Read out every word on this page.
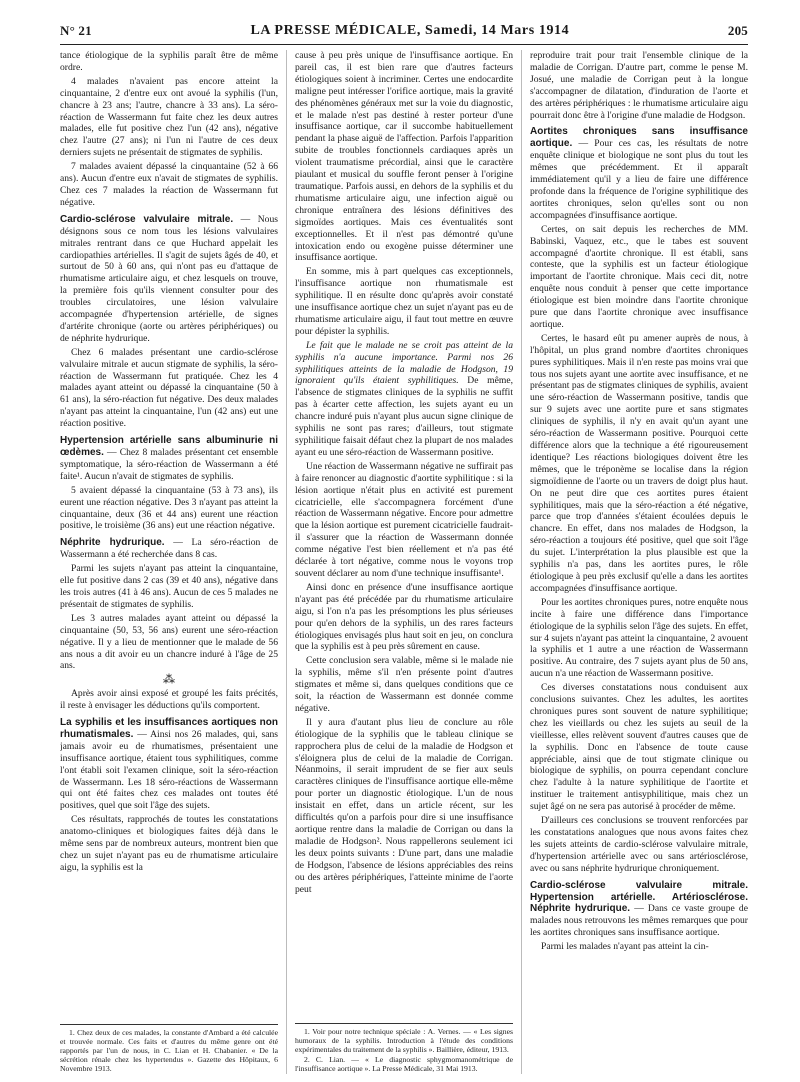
N° 21	LA PRESSE MÉDICALE, Samedi, 14 Mars 1914	205

tance étiologique de la syphilis paraît être de même ordre.

4 malades n'avaient pas encore atteint la cinquantaine, 2 d'entre eux ont avoué la syphilis (l'un, chancre à 23 ans; l'autre, chancre à 33 ans). La séro-réaction de Wassermann fut faite chez les deux autres malades, elle fut positive chez l'un (42 ans), négative chez l'autre (27 ans); ni l'un ni l'autre de ces deux derniers sujets ne présentait de stigmates de syphilis.

7 malades avaient dépassé la cinquantaine (52 à 66 ans). Aucun d'entre eux n'avait de stigmates de syphilis. Chez ces 7 malades la réaction de Wassermann fut négative.

Cardio-sclérose valvulaire mitrale. — Nous désignons sous ce nom tous les lésions valvulaires mitrales rentrant dans ce que Huchard appelait les cardiopathies artérielles. Il s'agit de sujets âgés de 40, et surtout de 50 à 60 ans, qui n'ont pas eu d'attaque de rhumatisme articulaire aigu, et chez lesquels on trouve, la première fois qu'ils viennent consulter pour des troubles circulatoires, une lésion valvulaire accompagnée d'hypertension artérielle, de signes d'artérite chronique (aorte ou artères périphériques) ou de néphrite hydrurique.

Chez 6 malades présentant une cardio-sclérose valvulaire mitrale et aucun stigmate de syphilis, la séro-réaction de Wassermann fut pratiquée. Chez les 4 malades ayant atteint ou dépassé la cinquantaine (50 à 61 ans), la séro-réaction fut négative. Des deux malades n'ayant pas atteint la cinquantaine, l'un (42 ans) eut une réaction positive.

Hypertension artérielle sans albuminurie ni œdèmes. — Chez 8 malades présentant cet ensemble symptomatique, la séro-réaction de Wassermann a été faite¹. Aucun n'avait de stigmates de syphilis.

5 avaient dépassé la cinquantaine (53 à 73 ans), ils eurent une réaction négative. Des 3 n'ayant pas atteint la cinquantaine, deux (36 et 44 ans) eurent une réaction positive, le troisième (36 ans) eut une réaction négative.

Néphrite hydrurique. — La séro-réaction de Wassermann a été recherchée dans 8 cas.

Parmi les sujets n'ayant pas atteint la cinquantaine, elle fut positive dans 2 cas (39 et 40 ans), négative dans les trois autres (41 à 46 ans). Aucun de ces 5 malades ne présentait de stigmates de syphilis.

Les 3 autres malades ayant atteint ou dépassé la cinquantaine (50, 53, 56 ans) eurent une séro-réaction négative. Il y a lieu de mentionner que le malade de 56 ans nous a dit avoir eu un chancre induré à l'âge de 25 ans.

⁂

Après avoir ainsi exposé et groupé les faits précités, il reste à envisager les déductions qu'ils comportent.

La syphilis et les insuffisances aortiques non rhumatismales. — Ainsi nos 26 malades, qui, sans jamais avoir eu de rhumatismes, présentaient une insuffisance aortique, étaient tous syphilitiques, comme l'ont établi soit l'examen clinique, soit la séro-réaction de Wassermann. Les 18 séro-réactions de Wassermann qui ont été faites chez ces malades ont toutes été positives, quel que soit l'âge des sujets.

Ces résultats, rapprochés de toutes les constatations anatomo-cliniques et biologiques faites déjà dans le même sens par de nombreux auteurs, montrent bien que chez un sujet n'ayant pas eu de rhumatisme articulaire aigu, la syphilis est la

1. Chez deux de ces malades, la constante d'Ambard a été calculée et trouvée normale. Ces faits et d'autres du même genre ont été rapportés par l'un de nous, in C. Lian et H. Chabanier. « De la sécrétion rénale chez les hypertendus ». Gazette des Hôpitaux, 6 Novembre 1913.

cause à peu près unique de l'insuffisance aortique. En pareil cas, il est bien rare que d'autres facteurs étiologiques soient à incriminer. Certes une endocardite maligne peut intéresser l'orifice aortique, mais la gravité des phénomènes généraux met sur la voie du diagnostic, et le malade n'est pas destiné à rester porteur d'une insuffisance aortique, car il succombe habituellement pendant la phase aiguë de l'affection. Parfois l'apparition subite de troubles fonctionnels cardiaques après un violent traumatisme précordial, ainsi que le caractère piaulant et musical du souffle feront penser à l'origine traumatique. Parfois aussi, en dehors de la syphilis et du rhumatisme articulaire aigu, une infection aiguë ou chronique entraînera des lésions définitives des sigmoïdes aortiques. Mais ces éventualités sont exceptionnelles. Et il n'est pas démontré qu'une intoxication endo ou exogène puisse déterminer une insuffisance aortique.

En somme, mis à part quelques cas exceptionnels, l'insuffisance aortique non rhumatismale est syphilitique. Il en résulte donc qu'après avoir constaté une insuffisance aortique chez un sujet n'ayant pas eu de rhumatisme articulaire aigu, il faut tout mettre en œuvre pour dépister la syphilis.

Le fait que le malade ne se croit pas atteint de la syphilis n'a aucune importance. Parmi nos 26 syphilitiques atteints de la maladie de Hodgson, 19 ignoraient qu'ils étaient syphilitiques. De même, l'absence de stigmates cliniques de la syphilis ne suffit pas à écarter cette affection, les sujets ayant eu un chancre induré puis n'ayant plus aucun signe clinique de syphilis ne sont pas rares; d'ailleurs, tout stigmate syphilitique faisait défaut chez la plupart de nos malades ayant eu une séro-réaction de Wassermann positive.

Une réaction de Wassermann négative ne suffirait pas à faire renoncer au diagnostic d'aortite syphilitique : si la lésion aortique n'était plus en activité est purement cicatricielle, elle s'accompagnera forcément d'une réaction de Wassermann négative. Encore pour admettre que la lésion aortique est purement cicatricielle faudrait-il s'assurer que la réaction de Wassermann donnée comme négative l'est bien réellement et n'a pas été déclarée à tort négative, comme nous le voyons trop souvent déclarer au nom d'une technique insuffisante¹.

Ainsi donc en présence d'une insuffisance aortique n'ayant pas été précédée par du rhumatisme articulaire aigu, si l'on n'a pas les présomptions les plus sérieuses pour qu'en dehors de la syphilis, un des rares facteurs étiologiques envisagés plus haut soit en jeu, on conclura que la syphilis est à peu près sûrement en cause.

Cette conclusion sera valable, même si le malade nie la syphilis, même s'il n'en présente point d'autres stigmates et même si, dans quelques conditions que ce soit, la réaction de Wassermann est donnée comme négative.

Il y aura d'autant plus lieu de conclure au rôle étiologique de la syphilis que le tableau clinique se rapprochera plus de celui de la maladie de Hodgson et s'éloignera plus de celui de la maladie de Corrigan. Néanmoins, il serait imprudent de se fier aux seuls caractères cliniques de l'insuffisance aortique elle-même pour porter un diagnostic étiologique. L'un de nous insistait en effet, dans un article récent, sur les difficultés qu'on a parfois pour dire si une insuffisance aortique rentre dans la maladie de Corrigan ou dans la maladie de Hodgson². Nous rappellerons seulement ici les deux points suivants : D'une part, dans une maladie de Hodgson, l'absence de lésions appréciables des reins ou des artères périphériques, l'atteinte minime de l'aorte peut

1. Voir pour notre technique spéciale : A. Vernes. — « Les signes humoraux de la syphilis. Introduction à l'étude des conditions expérimentales du traitement de la syphilis ». Baillière, éditeur, 1913.

2. C. Lian. — « Le diagnostic sphygmomanométrique de l'insuffisance aortique ». La Presse Médicale, 31 Mai 1913.

reproduire trait pour trait l'ensemble clinique de la maladie de Corrigan. D'autre part, comme le pense M. Josué, une maladie de Corrigan peut à la longue s'accompagner de dilatation, d'induration de l'aorte et des artères périphériques : le rhumatisme articulaire aigu pourrait donc être à l'origine d'une maladie de Hodgson.

Aortites chroniques sans insuffisance aortique. — Pour ces cas, les résultats de notre enquête clinique et biologique ne sont plus du tout les mêmes que précédemment. Et il apparaît immédiatement qu'il y a lieu de faire une différence profonde dans la fréquence de l'origine syphilitique des aortites chroniques, selon qu'elles sont ou non accompagnées d'insuffisance aortique.

Certes, on sait depuis les recherches de MM. Babinski, Vaquez, etc., que le tabes est souvent accompagné d'aortite chronique. Il est établi, sans conteste, que la syphilis est un facteur étiologique important de l'aortite chronique. Mais ceci dit, notre enquête nous conduit à penser que cette importance étiologique est bien moindre dans l'aortite chronique pure que dans l'aortite chronique avec insuffisance aortique.

Certes, le hasard eût pu amener auprès de nous, à l'hôpital, un plus grand nombre d'aortites chroniques pures syphilitiques. Mais il n'en reste pas moins vrai que tous nos sujets ayant une aortite avec insuffisance, et ne présentant pas de stigmates cliniques de syphilis, avaient une séro-réaction de Wassermann positive, tandis que sur 9 sujets avec une aortite pure et sans stigmates cliniques de syphilis, il n'y en avait qu'un ayant une séro-réaction de Wassermann positive. Pourquoi cette différence alors que la technique a été rigoureusement identique? Les réactions biologiques doivent être les mêmes, que le tréponème se localise dans la région sigmoïdienne de l'aorte ou un travers de doigt plus haut. On ne peut dire que ces aortites pures étaient syphilitiques, mais que la séro-réaction a été négative, parce que trop d'années s'étaient écoulées depuis le chancre. En effet, dans nos malades de Hodgson, la séro-réaction a toujours été positive, quel que soit l'âge du sujet. L'interprétation la plus plausible est que la syphilis n'a pas, dans les aortites pures, le rôle étiologique à peu près exclusif qu'elle a dans les aortites accompagnées d'insuffisance aortique.

Pour les aortites chroniques pures, notre enquête nous incite à faire une différence dans l'importance étiologique de la syphilis selon l'âge des sujets. En effet, sur 4 sujets n'ayant pas atteint la cinquantaine, 2 avouent la syphilis et 1 autre a une réaction de Wassermann positive. Au contraire, des 7 sujets ayant plus de 50 ans, aucun n'a une réaction de Wassermann positive.

Ces diverses constatations nous conduisent aux conclusions suivantes. Chez les adultes, les aortites chroniques pures sont souvent de nature syphilitique; chez les vieillards ou chez les sujets au seuil de la vieillesse, elles relèvent souvent d'autres causes que de la syphilis. Donc en l'absence de toute cause appréciable, ainsi que de tout stigmate clinique ou biologique de syphilis, on pourra cependant conclure chez l'adulte à la nature syphilitique de l'aortite et instituer le traitement antisyphilitique, mais chez un sujet âgé on ne sera pas autorisé à procéder de même.

D'ailleurs ces conclusions se trouvent renforcées par les constatations analogues que nous avons faites chez les sujets atteints de cardio-sclérose valvulaire mitrale, d'hypertension artérielle avec ou sans artériosclérose, avec ou sans néphrite hydrurique chroniquement.

Cardio-sclérose valvulaire mitrale. Hypertension artérielle. Artériosclérose. Néphrite hydrurique. — Dans ce vaste groupe de malades nous retrouvons les mêmes remarques que pour les aortites chroniques sans insuffisance aortique.

Parmi les malades n'ayant pas atteint la cin-
